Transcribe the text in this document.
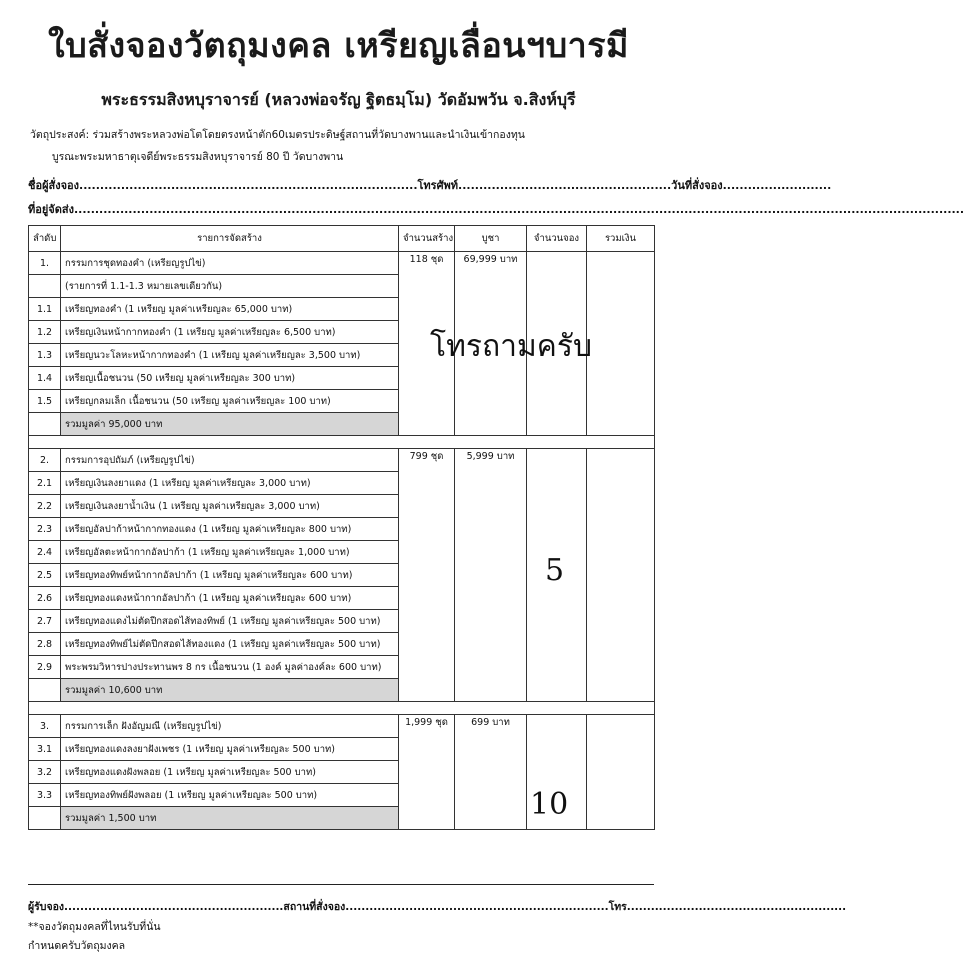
ใบสั่งจองวัตถุมงคล เหรียญเลื่อนฯบารมี
พระธรรมสิงหบุราจารย์ (หลวงพ่อจรัญ ฐิตธมฺโม) วัดอัมพวัน จ.สิงห์บุรี
วัตถุประสงค์: ร่วมสร้างพระหลวงพ่อโตโดยตรงหน้าตัก60เมตรประดิษฐ์สถานที่วัดบางพานและนำเงินเข้ากองทุน
บูรณะพระมหาธาตุเจดีย์พระธรรมสิงหบุราจารย์ 80 ปี วัดบางพาน
ชื่อผู้สั่งจอง.................................................................................โทรศัพท์...................................................วันที่สั่งจอง..........................
ที่อยู่จัดส่ง.....................................................................................................................................................................................................................
ลำดับ	รายการจัดสร้าง	จำนวนสร้าง	บูชา	จำนวนจอง	รวมเงิน
1.	กรรมการชุดทองคำ (เหรียญรูปไข่)	118 ชุด	69,999 บาท		
	(รายการที่ 1.1-1.3 หมายเลขเดียวกัน)				
1.1	เหรียญทองคำ (1 เหรียญ มูลค่าเหรียญละ 65,000 บาท)				
1.2	เหรียญเงินหน้ากากทองคำ (1 เหรียญ มูลค่าเหรียญละ 6,500 บาท)				
1.3	เหรียญนวะโลหะหน้ากากทองคำ (1 เหรียญ มูลค่าเหรียญละ 3,500 บาท)				
1.4	เหรียญเนื้อชนวน (50 เหรียญ มูลค่าเหรียญละ 300 บาท)				
1.5	เหรียญกลมเล็ก เนื้อชนวน (50 เหรียญ มูลค่าเหรียญละ 100 บาท)				
	รวมมูลค่า 95,000 บาท				

2.	กรรมการอุปถัมภ์ (เหรียญรูปไข่)	799 ชุด	5,999 บาท		
2.1	เหรียญเงินลงยาแดง (1 เหรียญ มูลค่าเหรียญละ 3,000 บาท)				
2.2	เหรียญเงินลงยาน้ำเงิน (1 เหรียญ มูลค่าเหรียญละ 3,000 บาท)				
2.3	เหรียญอัลปาก้าหน้ากากทองแดง (1 เหรียญ มูลค่าเหรียญละ 800 บาท)				
2.4	เหรียญอัลตะหน้ากากอัลปาก้า (1 เหรียญ มูลค่าเหรียญละ 1,000 บาท)				
2.5	เหรียญทองทิพย์หน้ากากอัลปาก้า (1 เหรียญ มูลค่าเหรียญละ 600 บาท)				
2.6	เหรียญทองแดงหน้ากากอัลปาก้า (1 เหรียญ มูลค่าเหรียญละ 600 บาท)				
2.7	เหรียญทองแดงไม่ตัดปีกสอดไส้ทองทิพย์ (1 เหรียญ มูลค่าเหรียญละ 500 บาท)				
2.8	เหรียญทองทิพย์ไม่ตัดปีกสอดไส้ทองแดง (1 เหรียญ มูลค่าเหรียญละ 500 บาท)				
2.9	พระพรมวิหารปางประทานพร 8 กร เนื้อชนวน (1 องค์ มูลค่าองค์ละ 600 บาท)				
	รวมมูลค่า 10,600 บาท				

3.	กรรมการเล็ก ฝังอัญมณี (เหรียญรูปไข่)	1,999 ชุด	699 บาท		
3.1	เหรียญทองแดงลงยาฝังเพชร (1 เหรียญ มูลค่าเหรียญละ 500 บาท)				
3.2	เหรียญทองแดงฝังพลอย (1 เหรียญ มูลค่าเหรียญละ 500 บาท)				
3.3	เหรียญทองทิพย์ฝังพลอย (1 เหรียญ มูลค่าเหรียญละ 500 บาท)				
	รวมมูลค่า 1,500 บาท				
โทรถามครับ
5
10
ผู้รับจอง.......................................................สถานที่สั่งจอง..................................................................โทร.......................................................
**จองวัตถุมงคลที่ไหนรับที่นั่น
กำหนดครับวัตถุมงคล
